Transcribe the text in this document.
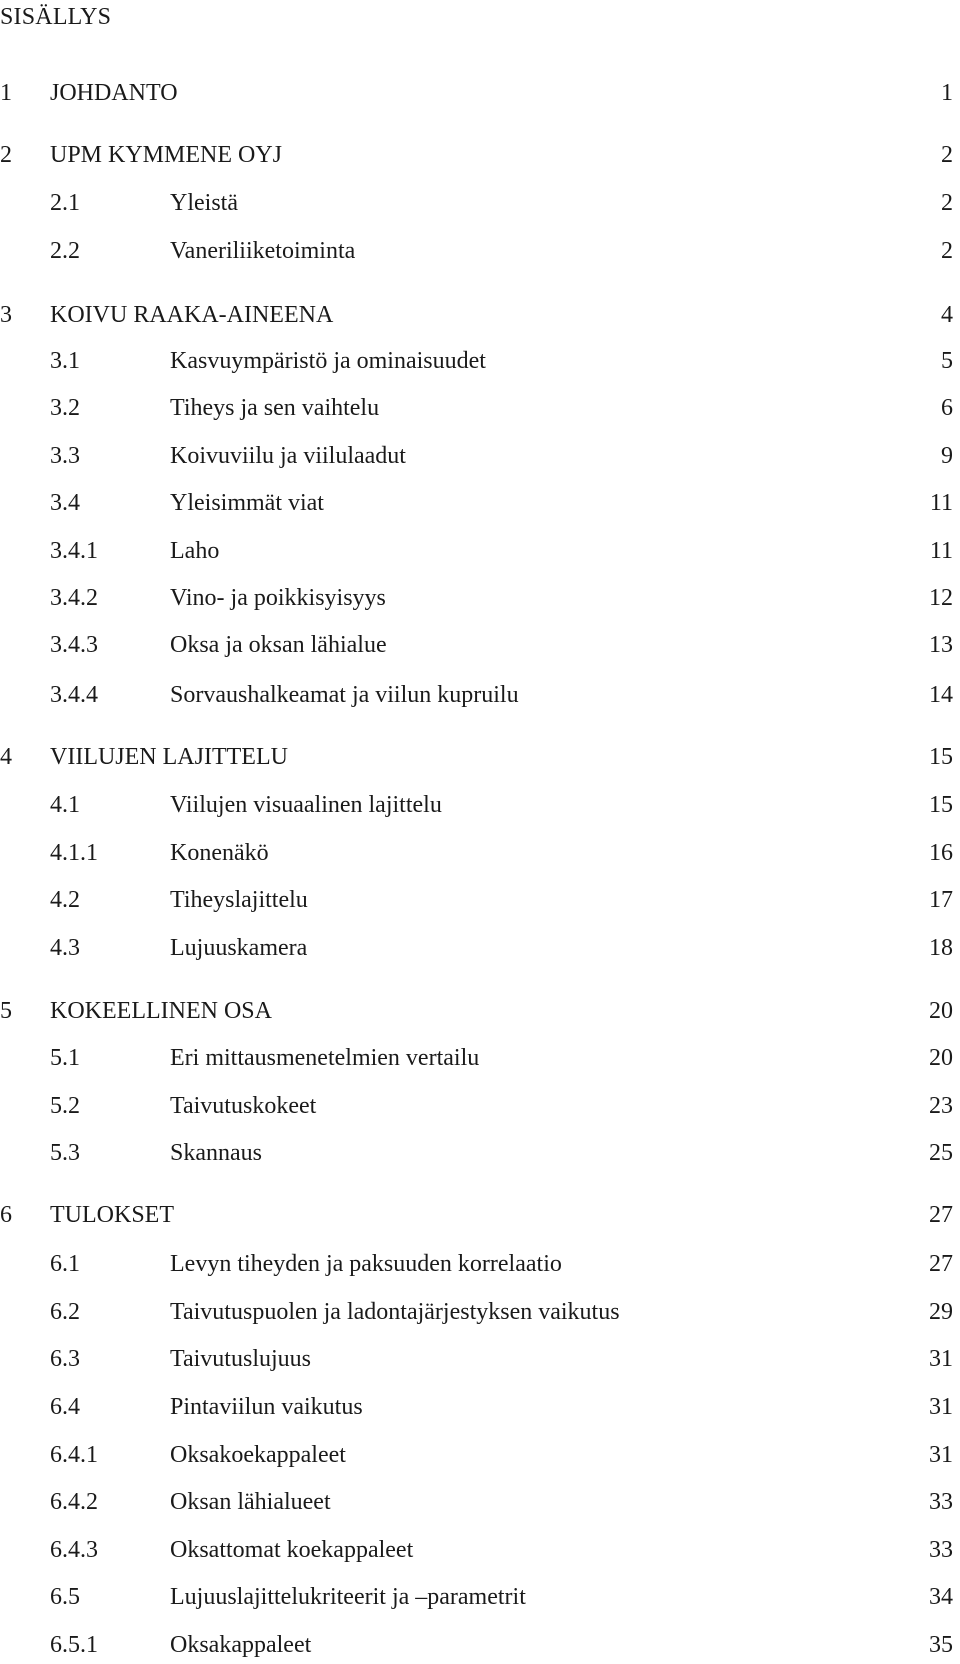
SISÄLLYS
1 JOHDANTO	1
2 UPM KYMMENE OYJ	2
2.1	Yleistä	2
2.2	Vaneriliiketoiminta	2
3 KOIVU RAAKA-AINEENA	4
3.1	Kasvuympäristö ja ominaisuudet	5
3.2	Tiheys ja sen vaihtelu	6
3.3	Koivuviilu ja viilulaadut	9
3.4	Yleisimmät viat	11
3.4.1	Laho	11
3.4.2	Vino- ja poikkisyisyys	12
3.4.3	Oksa ja oksan lähialue	13
3.4.4	Sorvaushalkeamat ja viilun kupruilu	14
4 VIILUJEN LAJITTELU	15
4.1	Viilujen visuaalinen lajittelu	15
4.1.1	Konenäkö	16
4.2	Tiheyslajittelu	17
4.3	Lujuuskamera	18
5 KOKEELLINEN OSA	20
5.1	Eri mittausmenetelmien vertailu	20
5.2	Taivutuskokeet	23
5.3	Skannaus	25
6 TULOKSET	27
6.1	Levyn tiheyden ja paksuuden korrelaatio	27
6.2	Taivutuspuolen ja ladontajärjestyksen vaikutus	29
6.3	Taivutuslujuus	31
6.4	Pintaviilun vaikutus	31
6.4.1	Oksakoekappaleet	31
6.4.2	Oksan lähialueet	33
6.4.3	Oksattomat koekappaleet	33
6.5	Lujuuslajittelukriteerit ja –parametrit	34
6.5.1	Oksakappaleet	35
